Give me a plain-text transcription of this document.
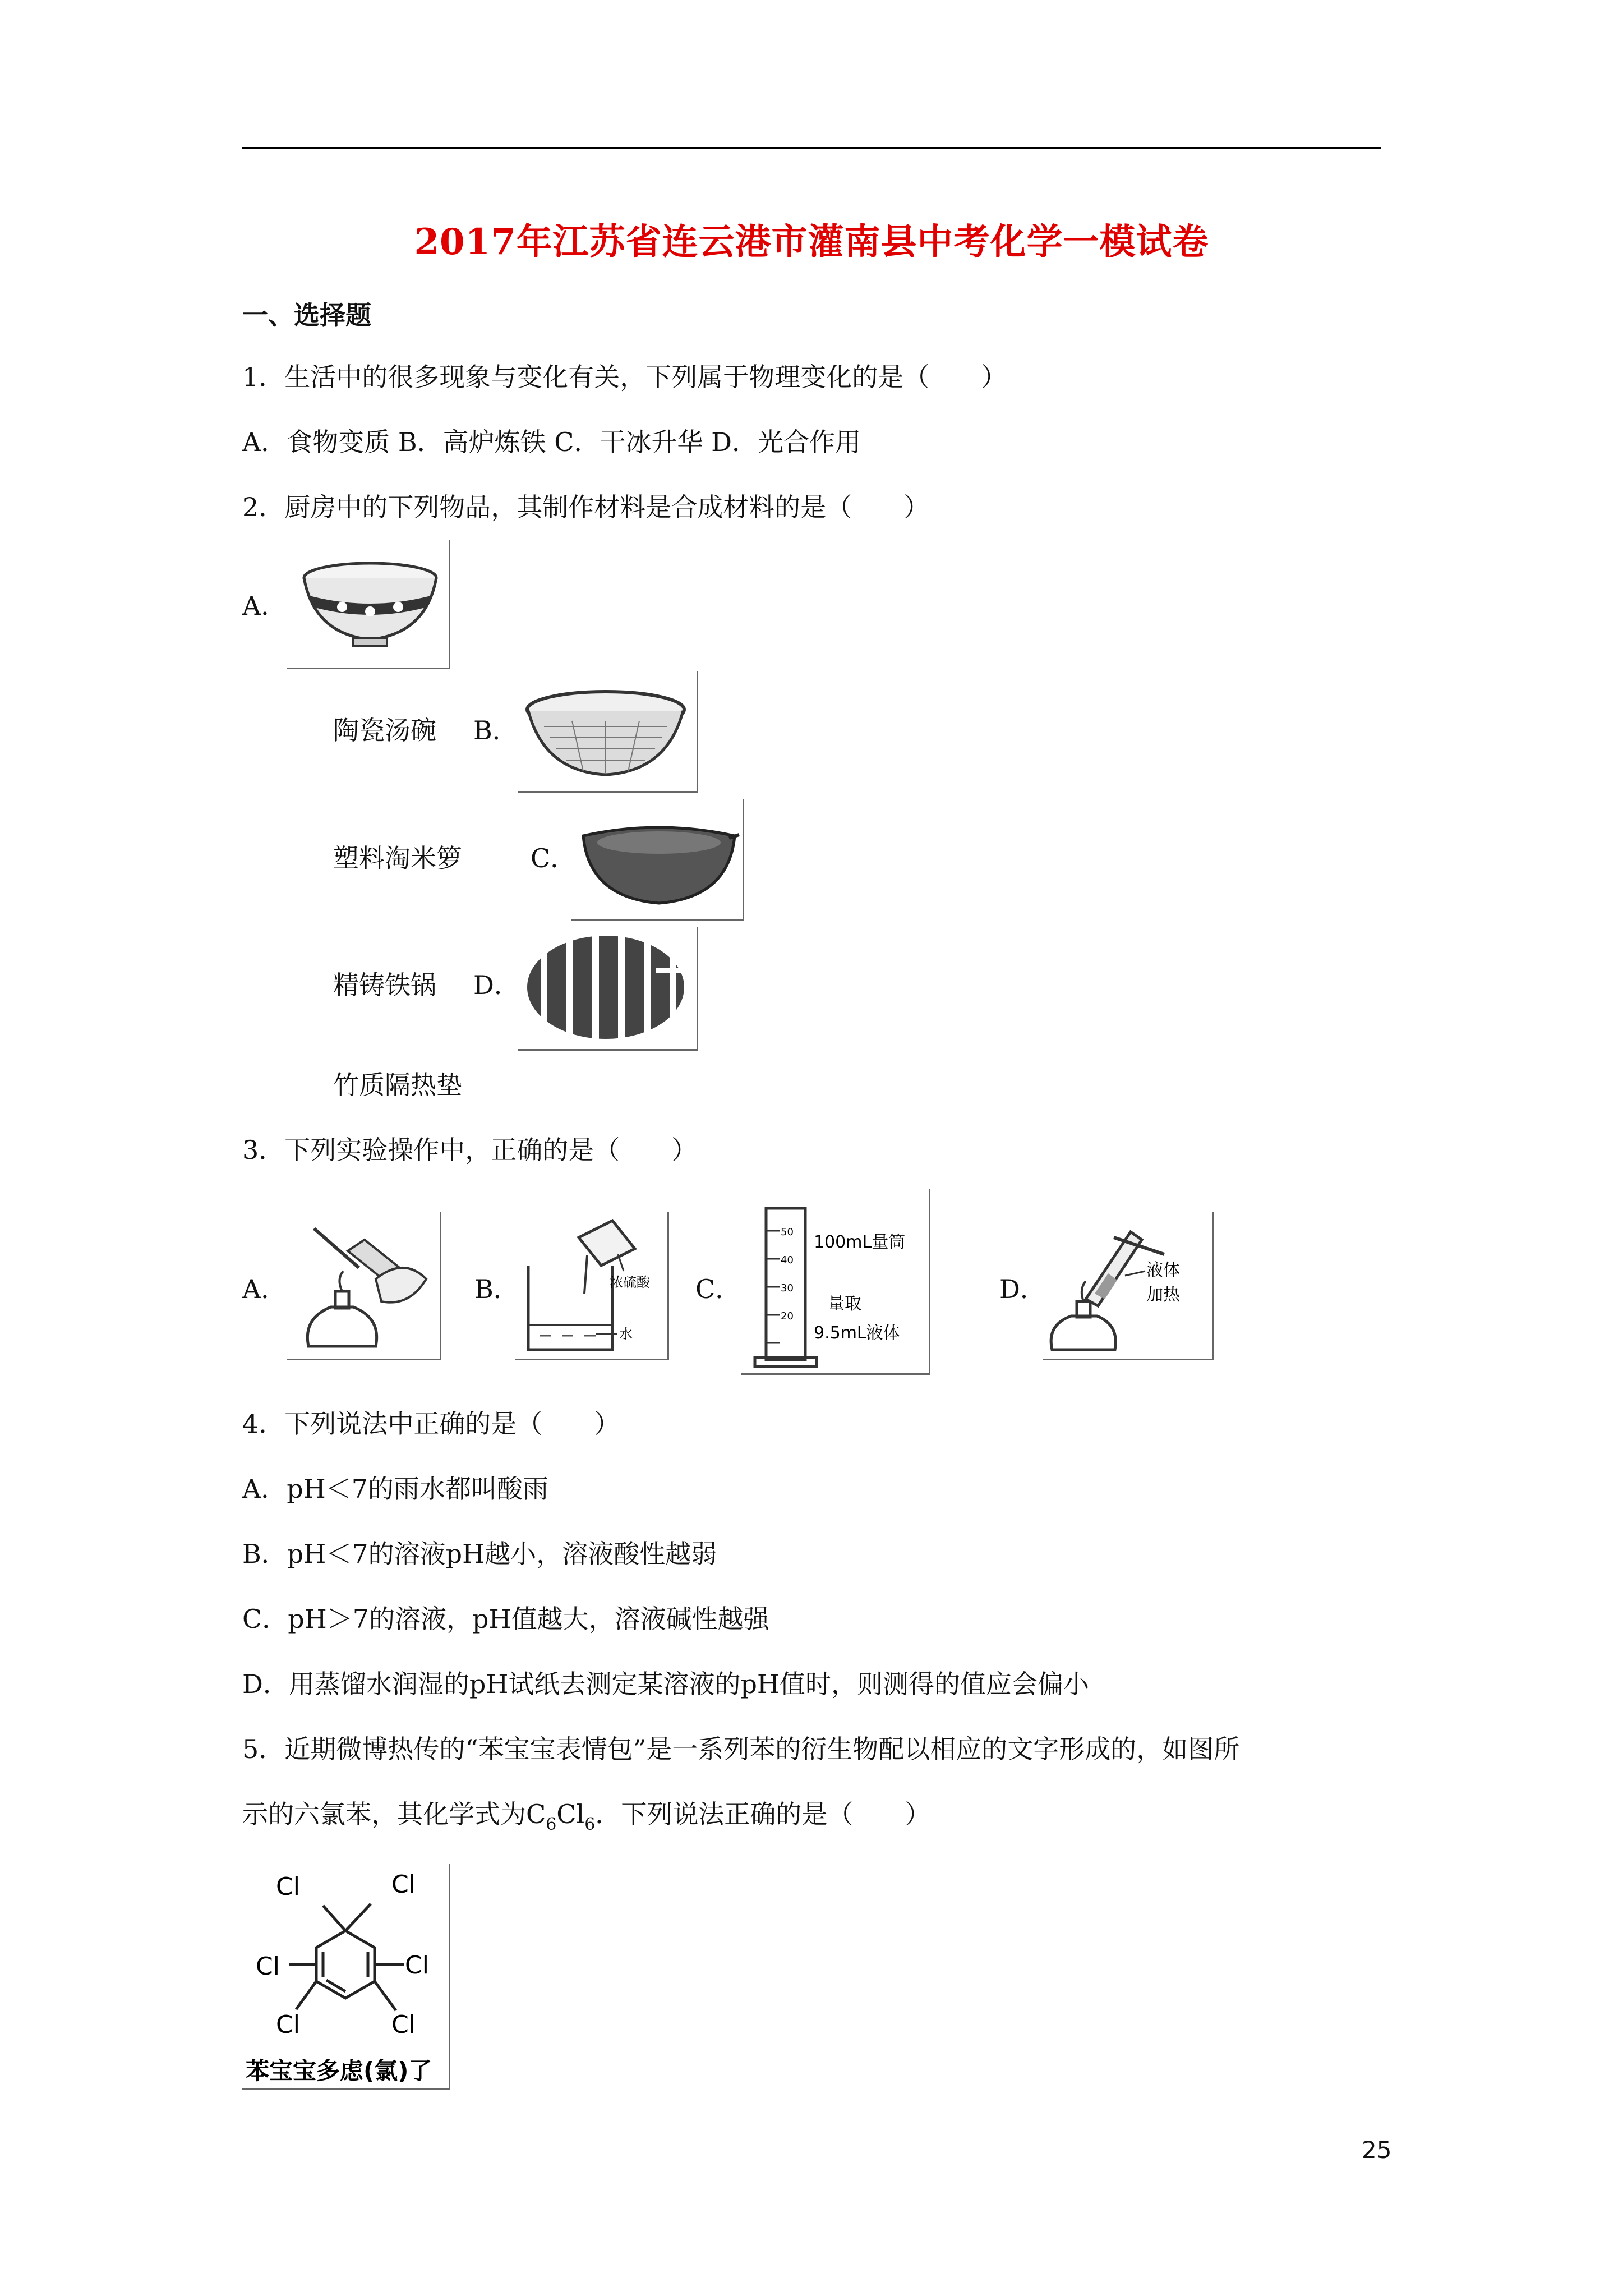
2017年江苏省连云港市灌南县中考化学一模试卷
一、选择题
1．生活中的很多现象与变化有关，下列属于物理变化的是（　　）
A．食物变质 B．高炉炼铁 C．干冰升华 D．光合作用
2．厨房中的下列物品，其制作材料是合成材料的是（　　）
A．
陶瓷汤碗 B．
塑料淘米箩	C．
精铸铁锅 D．
竹质隔热垫
3．下列实验操作中，正确的是（　　）
A．	B．	浓硫酸
水
C．
50
40
30
20
100mL量筒
量取
9.5mL液体
D．
液体
加热
4．下列说法中正确的是（　　）
A．pH＜7的雨水都叫酸雨
B．pH＜7的溶液pH越小，溶液酸性越弱
C．pH＞7的溶液，pH值越大，溶液碱性越强
D．用蒸馏水润湿的pH试纸去测定某溶液的pH值时，则测得的值应会偏小
5．近期微博热传的“苯宝宝表情包”是一系列苯的衍生物配以相应的文字形成的，如图所
示的六氯苯，其化学式为$C_6Cl_6$．下列说法正确的是（　　）
Cl	Cl
Cl	Cl
Cl	Cl
苯宝宝多虑(氯)了
25
